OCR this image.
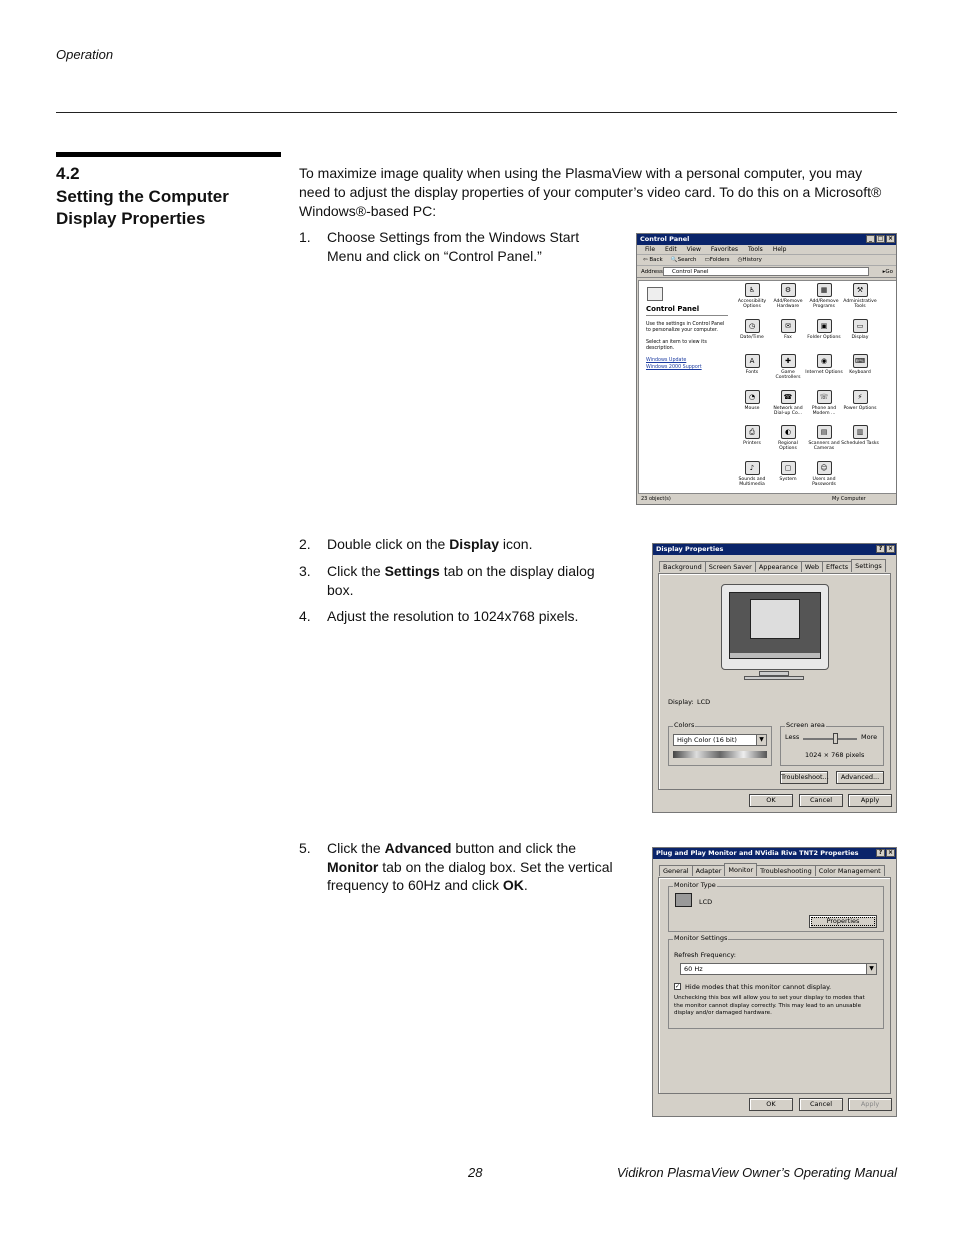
Operation
4.2
Setting the Computer Display Properties
To maximize image quality when using the PlasmaView with a personal computer, you may need to adjust the display properties of your computer’s video card. To do this on a Microsoft® Windows®-based PC:
1.	Choose Settings from the Windows Start Menu and click on “Control Panel.”
2.	Double click on the Display icon.
3.	Click the Settings tab on the display dialog box.
4.	Adjust the resolution to 1024x768 pixels.
5.	Click the Advanced button and click the Monitor tab on the dialog box. Set the vertical frequency to 60Hz and click OK.
Control Panel	_ □ ×
File Edit View Favorites Tools Help
⇦ Back 🔍Search ▭Folders ◷History
Address	Control Panel	▸Go
Control Panel
Use the settings in Control Panel to personalize your computer.
Select an item to view its description.
Windows Update
Windows 2000 Support
♿
Accessibility Options
⚙
Add/Remove Hardware
▦
Add/Remove Programs
⚒
Administrative Tools
◷
Date/Time
✉
Fax
▣
Folder Options
▭
Display
A
Fonts
✚
Game Controllers
◉
Internet Options
⌨
Keyboard
◔
Mouse
☎
Network and Dial-up Co...
☏
Phone and Modem ...
⚡
Power Options
⎙
Printers
◐
Regional Options
▤
Scanners and Cameras
▥
Scheduled Tasks
♪
Sounds and Multimedia
▢
System
☺
Users and Passwords
23 object(s)	My Computer
Display Properties	? ×
Background	Screen Saver	Appearance	Web	Effects	Settings
Display: LCD
Colors
High Color (16 bit)	▼
Screen area
Less	More
1024 × 768 pixels
Troubleshoot...	Advanced...
OK	Cancel	Apply
Plug and Play Monitor and NVidia Riva TNT2 Properties	? ×
General	Adapter	Monitor	Troubleshooting	Color Management
Monitor Type
LCD
Properties
Monitor Settings
Refresh Frequency:
60 Hz	▼
✓ Hide modes that this monitor cannot display.
Unchecking this box will allow you to set your display to modes that the monitor cannot display correctly. This may lead to an unusable display and/or damaged hardware.
OK	Cancel	Apply
28	Vidikron PlasmaView Owner’s Operating Manual
